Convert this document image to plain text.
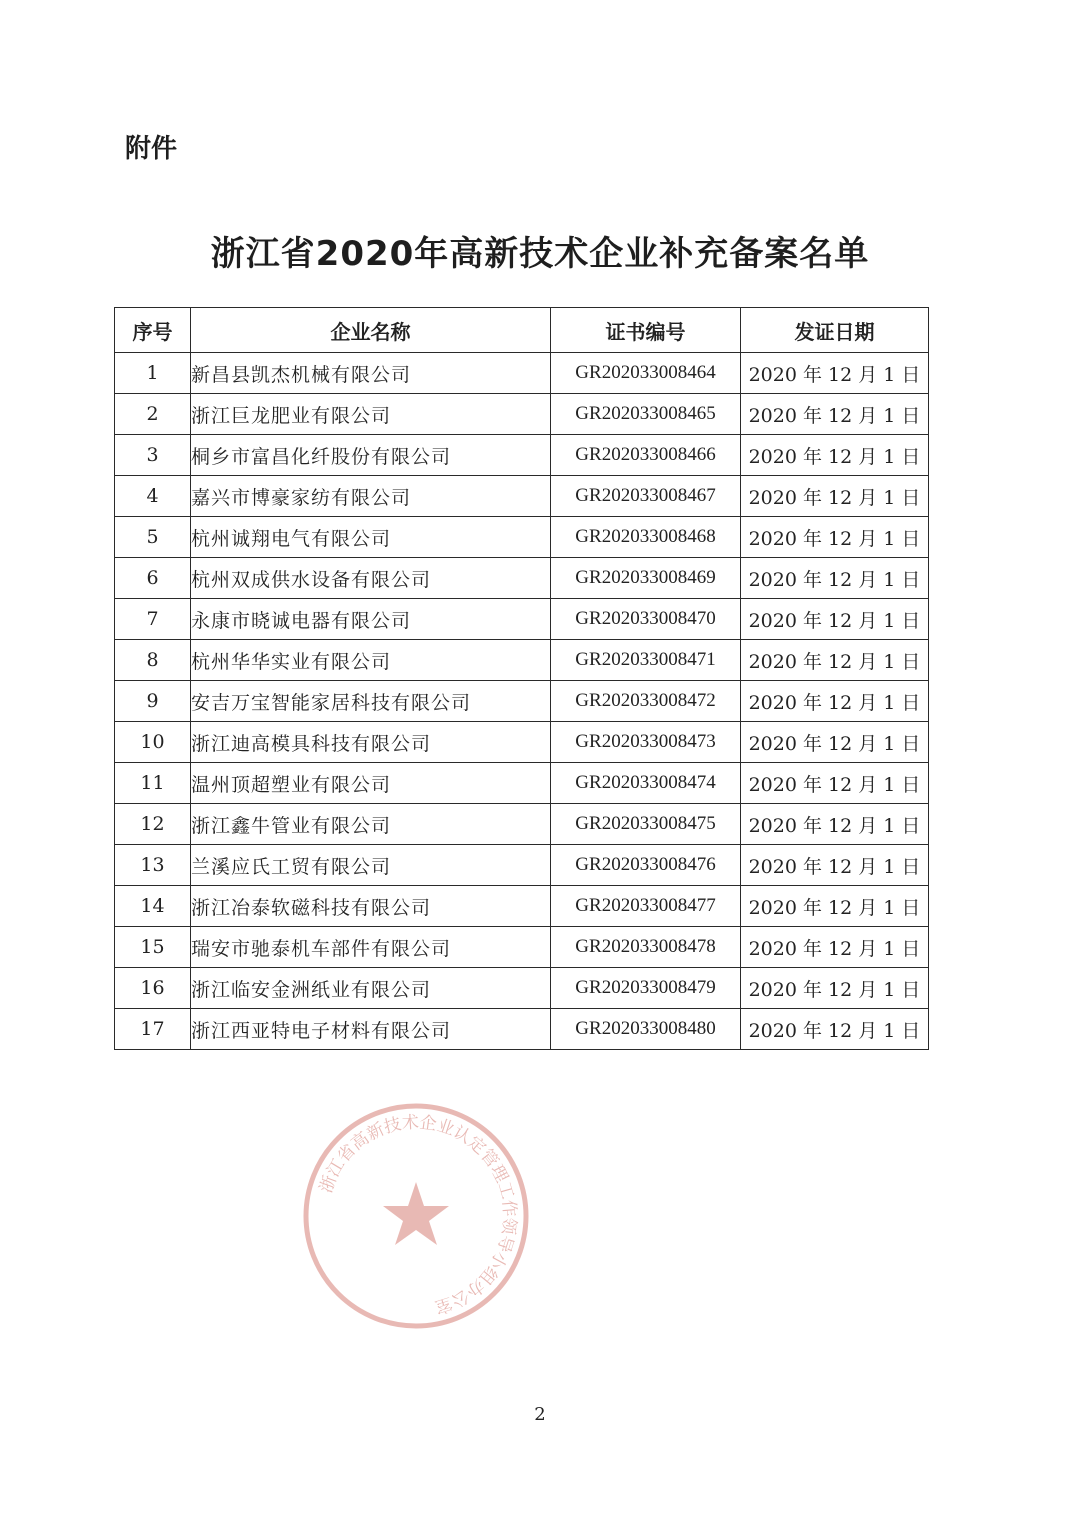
附件
浙江省2020年高新技术企业补充备案名单
序号	企业名称	证书编号	发证日期
1	新昌县凯杰机械有限公司	GR202033008464	2020 年 12 月 1 日
2	浙江巨龙肥业有限公司	GR202033008465	2020 年 12 月 1 日
3	桐乡市富昌化纤股份有限公司	GR202033008466	2020 年 12 月 1 日
4	嘉兴市博豪家纺有限公司	GR202033008467	2020 年 12 月 1 日
5	杭州诚翔电气有限公司	GR202033008468	2020 年 12 月 1 日
6	杭州双成供水设备有限公司	GR202033008469	2020 年 12 月 1 日
7	永康市晓诚电器有限公司	GR202033008470	2020 年 12 月 1 日
8	杭州华华实业有限公司	GR202033008471	2020 年 12 月 1 日
9	安吉万宝智能家居科技有限公司	GR202033008472	2020 年 12 月 1 日
10	浙江迪高模具科技有限公司	GR202033008473	2020 年 12 月 1 日
11	温州顶超塑业有限公司	GR202033008474	2020 年 12 月 1 日
12	浙江鑫牛管业有限公司	GR202033008475	2020 年 12 月 1 日
13	兰溪应氏工贸有限公司	GR202033008476	2020 年 12 月 1 日
14	浙江冶泰软磁科技有限公司	GR202033008477	2020 年 12 月 1 日
15	瑞安市驰泰机车部件有限公司	GR202033008478	2020 年 12 月 1 日
16	浙江临安金洲纸业有限公司	GR202033008479	2020 年 12 月 1 日
17	浙江西亚特电子材料有限公司	GR202033008480	2020 年 12 月 1 日
浙江省高新技术企业认定管理工作领导小组办公室
2
